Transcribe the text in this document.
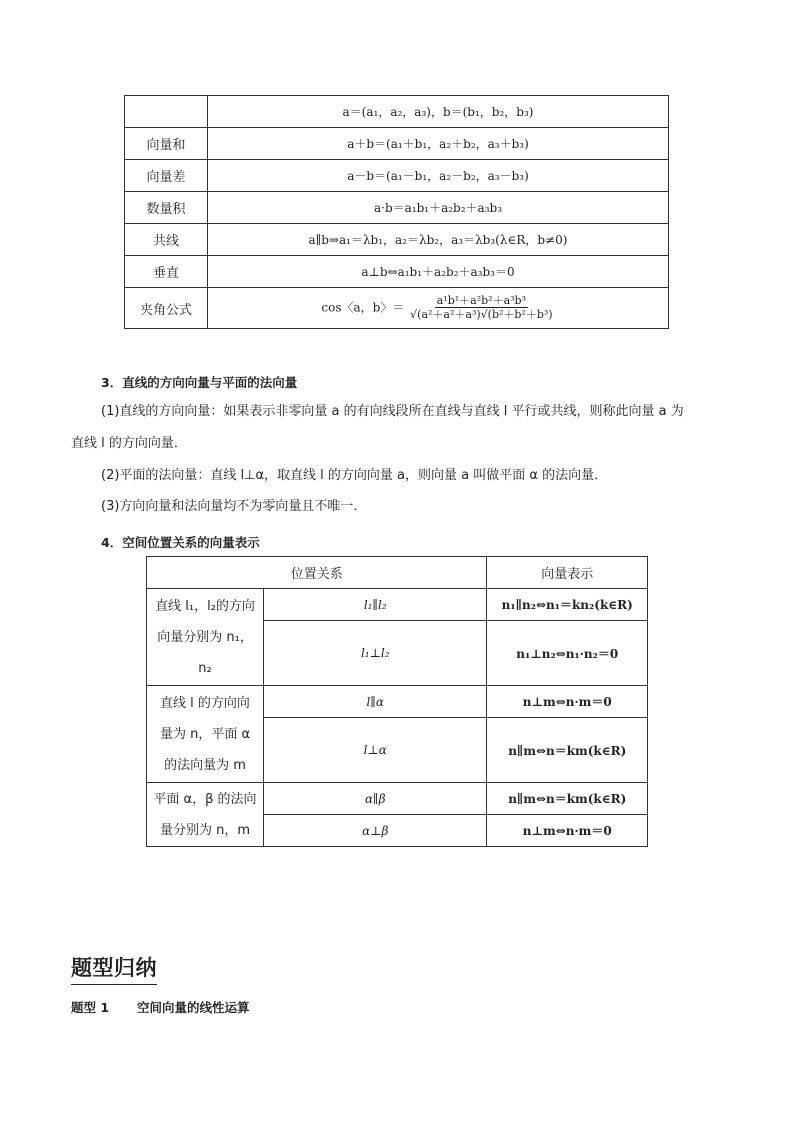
	a＝(a₁，a₂，a₃)，b＝(b₁，b₂，b₃)
向量和	a＋b＝(a₁＋b₁，a₂＋b₂，a₃＋b₃)
向量差	a－b＝(a₁－b₁，a₂－b₂，a₃－b₃)
数量积	a·b＝a₁b₁＋a₂b₂＋a₃b₃
共线	a∥b⇒a₁＝λb₁，a₂＝λb₂，a₃＝λb₃(λ∈R，b≠0)
垂直	a⊥b⇔a₁b₁＋a₂b₂＋a₃b₃＝0
夹角公式	cos〈a，b〉＝ $\frac{\text{a¹b¹＋a²b²＋a³b³}}{\text{√(a²＋a²＋a³)√(b²＋b²＋b³)}}$
3．直线的方向向量与平面的法向量

(1)直线的方向向量：如果表示非零向量 a 的有向线段所在直线与直线 l 平行或共线，则称此向量 a 为

直线 l 的方向向量．

(2)平面的法向量：直线 l⊥α，取直线 l 的方向向量 a，则向量 a 叫做平面 α 的法向量．

(3)方向向量和法向量均不为零向量且不唯一．

4．空间位置关系的向量表示
位置关系		向量表示

直线 l₁，l₂的方向
向量分别为 n₁，
n₂	l₁∥l₂	n₁∥n₂⇔n₁＝kn₂(k∈R)
	l₁⊥l₂	n₁⊥n₂⇔n₁·n₂＝0

直线 l 的方向向
量为 n，平面 α
的法向量为 m	l∥α	n⊥m⇔n·m＝0
	l⊥α	n∥m⇔n＝km(k∈R)

平面 α，β 的法向
量分别为 n，m	α∥β	n∥m⇔n＝km(k∈R)
	α⊥β	n⊥m⇔n·m＝0
题型归纳
题型 1 空间向量的线性运算
